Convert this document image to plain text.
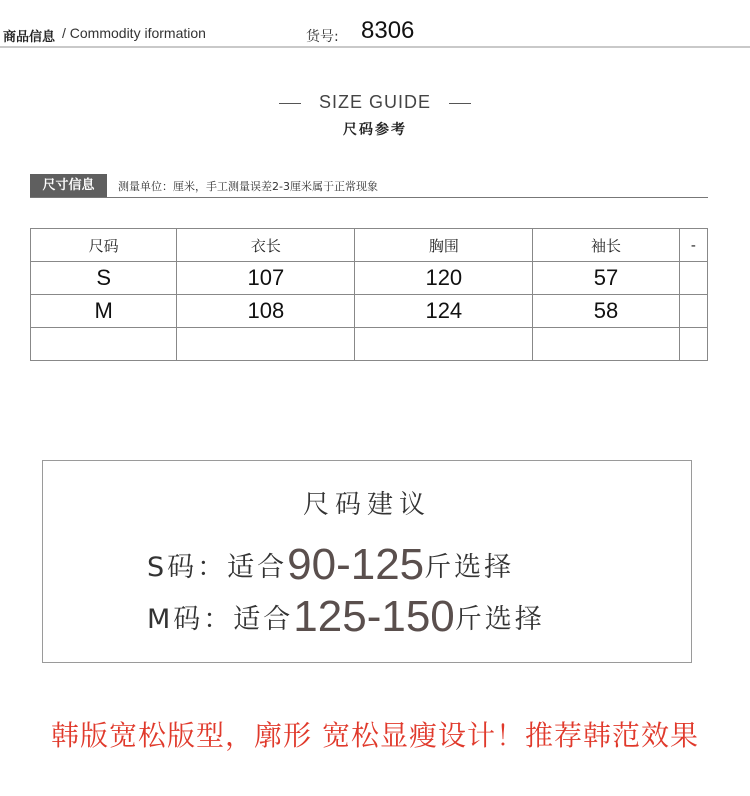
商品信息 / Commodity iformation	货号: 8306
SIZE GUIDE
尺码参考
尺寸信息	测量单位：厘米，手工测量误差2-3厘米属于正常现象
尺码	衣长	胸围	袖长	-
S	107	120	57	
M	108	124	58	

尺码建议
S码：适合90-125斤选择
M码：适合125-150斤选择
韩版宽松版型，廓形 宽松显瘦设计！推荐韩范效果
